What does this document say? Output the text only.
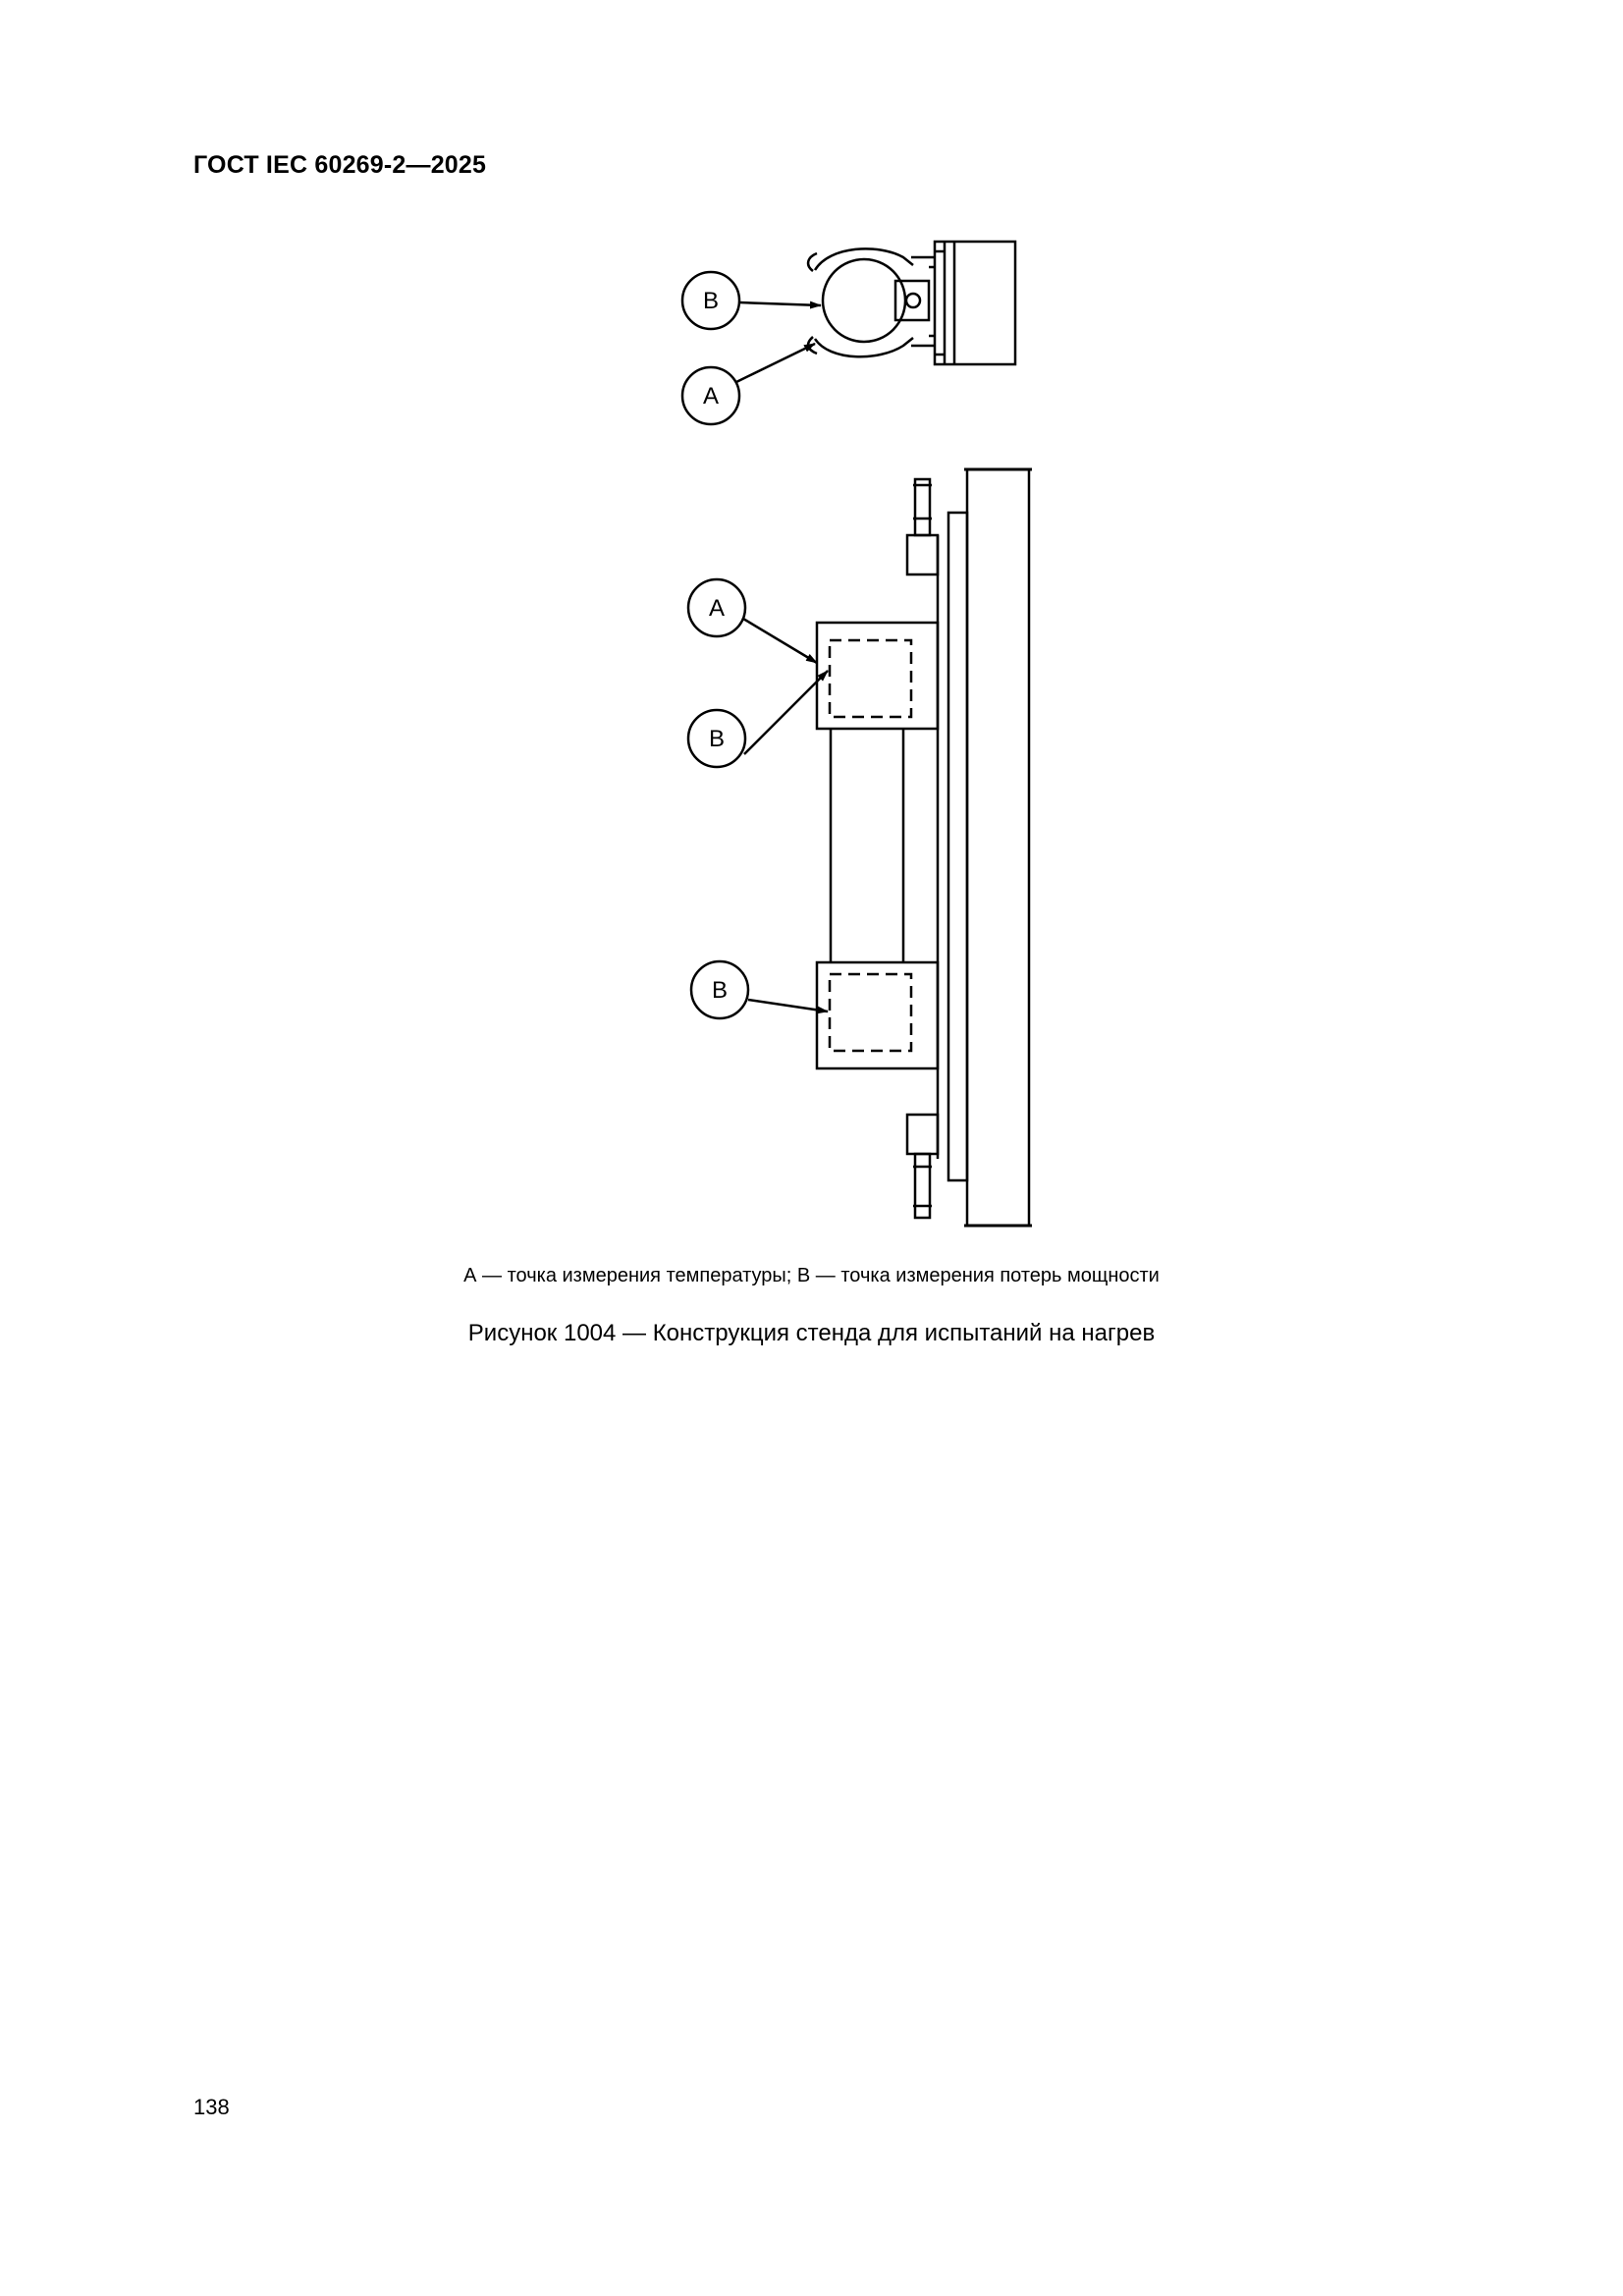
ГОСТ IEC 60269-2—2025
B
A
A
B
B
А — точка измерения температуры; В — точка измерения потерь мощности
Рисунок 1004 — Конструкция стенда для испытаний на нагрев
138
